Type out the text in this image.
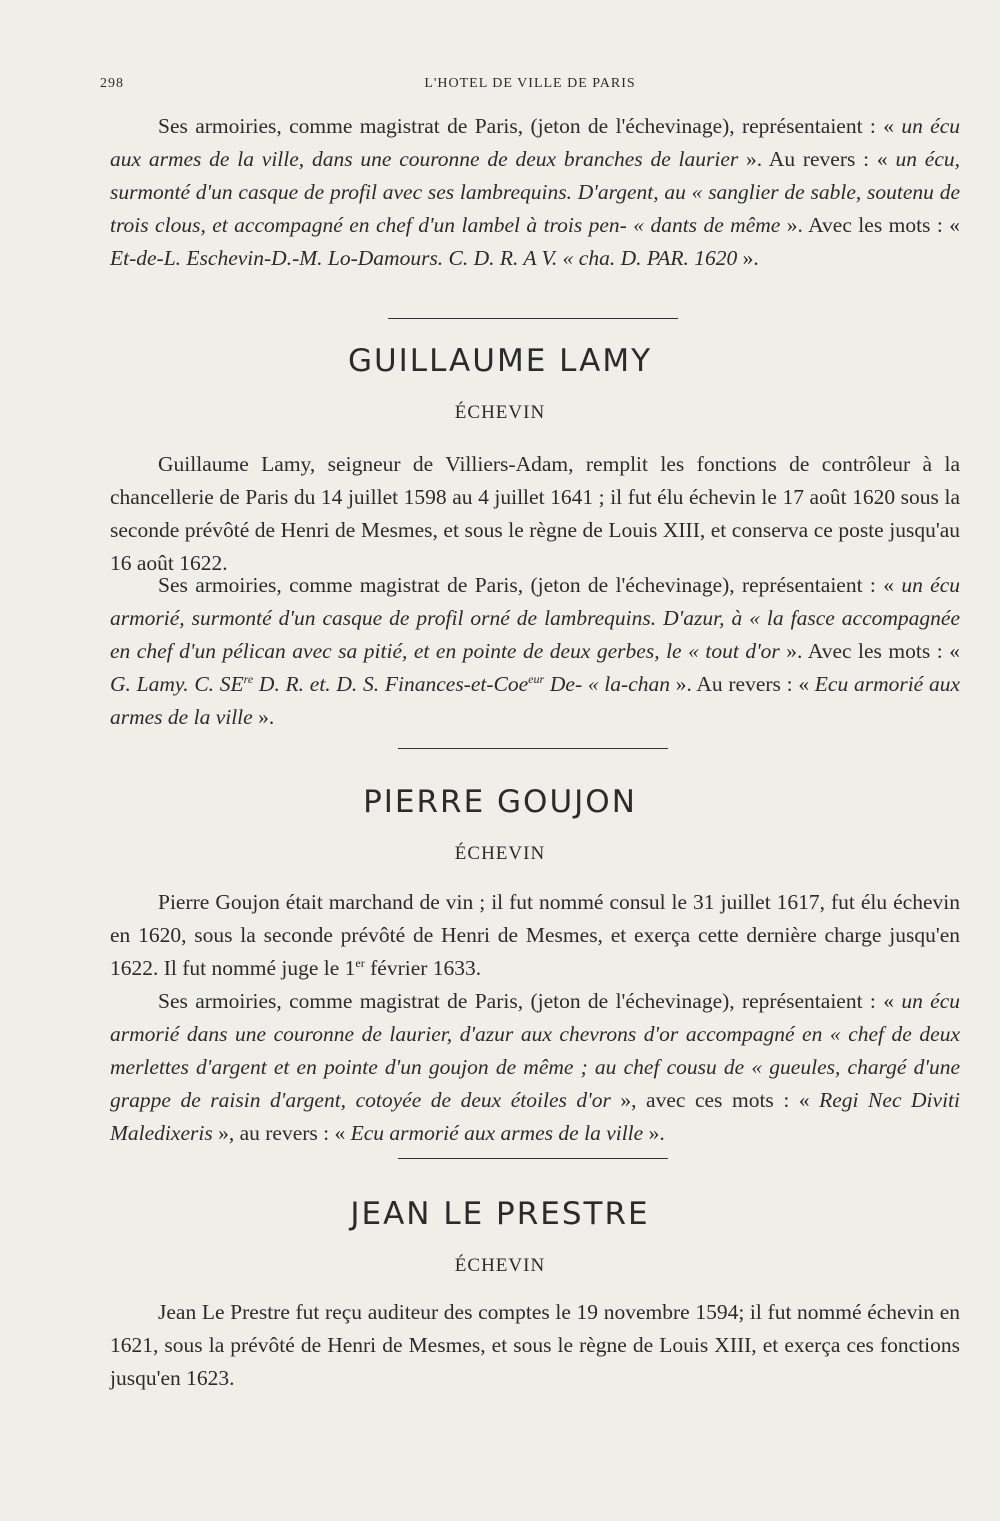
298	L'HOTEL DE VILLE DE PARIS

Ses armoiries, comme magistrat de Paris, (jeton de l'échevinage), représentaient : « un écu aux armes de la ville, dans une couronne de deux branches de laurier ». Au revers : « un écu, surmonté d'un casque de profil avec ses lambrequins. D'argent, au « sanglier de sable, soutenu de trois clous, et accompagné en chef d'un lambel à trois pen- « dants de même ». Avec les mots : « Et-de-L. Eschevin-D.-M. Lo-Damours. C. D. R. A V. « cha. D. PAR. 1620 ».

GUILLAUME LAMY
ÉCHEVIN

Guillaume Lamy, seigneur de Villiers-Adam, remplit les fonctions de contrôleur à la chancellerie de Paris du 14 juillet 1598 au 4 juillet 1641 ; il fut élu échevin le 17 août 1620 sous la seconde prévôté de Henri de Mesmes, et sous le règne de Louis XIII, et conserva ce poste jusqu'au 16 août 1622.

Ses armoiries, comme magistrat de Paris, (jeton de l'échevinage), représentaient : « un écu armorié, surmonté d'un casque de profil orné de lambrequins. D'azur, à « la fasce accompagnée en chef d'un pélican avec sa pitié, et en pointe de deux gerbes, le « tout d'or ». Avec les mots : « G. Lamy. C. $SE^{re}$ D. R. et. D. S. Finances-et-Coe$^{eur}$ De- « la-chan ». Au revers : « Ecu armorié aux armes de la ville ».

PIERRE GOUJON
ÉCHEVIN

Pierre Goujon était marchand de vin ; il fut nommé consul le 31 juillet 1617, fut élu échevin en 1620, sous la seconde prévôté de Henri de Mesmes, et exerça cette dernière charge jusqu'en 1622. Il fut nommé juge le 1er février 1633.

Ses armoiries, comme magistrat de Paris, (jeton de l'échevinage), représentaient : « un écu armorié dans une couronne de laurier, d'azur aux chevrons d'or accompagné en « chef de deux merlettes d'argent et en pointe d'un goujon de même ; au chef cousu de « gueules, chargé d'une grappe de raisin d'argent, cotoyée de deux étoiles d'or », avec ces mots : « Regi Nec Diviti Maledixeris », au revers : « Ecu armorié aux armes de la ville ».

JEAN LE PRESTRE
ÉCHEVIN

Jean Le Prestre fut reçu auditeur des comptes le 19 novembre 1594; il fut nommé échevin en 1621, sous la prévôté de Henri de Mesmes, et sous le règne de Louis XIII, et exerça ces fonctions jusqu'en 1623.
